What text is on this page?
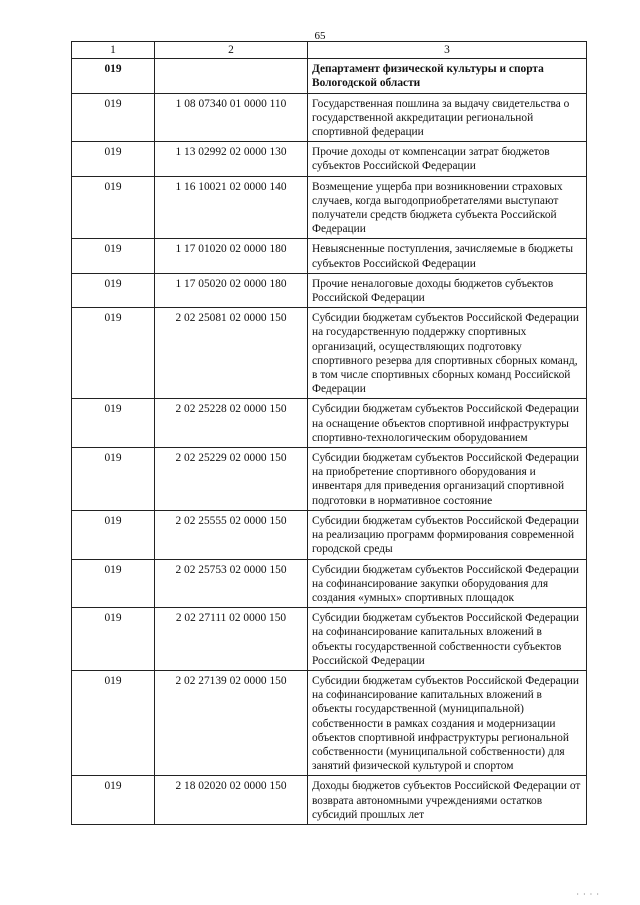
65
1	2	3
019		Департамент физической культуры и спорта Вологодской области
019	1 08 07340 01 0000 110	Государственная пошлина за выдачу свидетельства о государственной аккредитации региональной спортивной федерации
019	1 13 02992 02 0000 130	Прочие доходы от компенсации затрат бюджетов субъектов Российской Федерации
019	1 16 10021 02 0000 140	Возмещение ущерба при возникновении страховых случаев, когда выгодоприобретателями выступают получатели средств бюджета субъекта Российской Федерации
019	1 17 01020 02 0000 180	Невыясненные поступления, зачисляемые в бюджеты субъектов Российской Федерации
019	1 17 05020 02 0000 180	Прочие неналоговые доходы бюджетов субъектов Российской Федерации
019	2 02 25081 02 0000 150	Субсидии бюджетам субъектов Российской Федерации на государственную поддержку спортивных организаций, осуществляющих подготовку спортивного резерва для спортивных сборных команд, в том числе спортивных сборных команд Российской Федерации
019	2 02 25228 02 0000 150	Субсидии бюджетам субъектов Российской Федерации на оснащение объектов спортивной инфраструктуры спортивно-технологическим оборудованием
019	2 02 25229 02 0000 150	Субсидии бюджетам субъектов Российской Федерации на приобретение спортивного оборудования и инвентаря для приведения организаций спортивной подготовки в нормативное состояние
019	2 02 25555 02 0000 150	Субсидии бюджетам субъектов Российской Федерации на реализацию программ формирования современной городской среды
019	2 02 25753 02 0000 150	Субсидии бюджетам субъектов Российской Федерации на софинансирование закупки оборудования для создания «умных» спортивных площадок
019	2 02 27111 02 0000 150	Субсидии бюджетам субъектов Российской Федерации на софинансирование капитальных вложений в объекты государственной собственности субъектов Российской Федерации
019	2 02 27139 02 0000 150	Субсидии бюджетам субъектов Российской Федерации на софинансирование капитальных вложений в объекты государственной (муниципальной) собственности в рамках создания и модернизации объектов спортивной инфраструктуры региональной собственности (муниципальной собственности) для занятий физической культурой и спортом
019	2 18 02020 02 0000 150	Доходы бюджетов субъектов Российской Федерации от возврата автономными учреждениями остатков субсидий прошлых лет
· · · ·
